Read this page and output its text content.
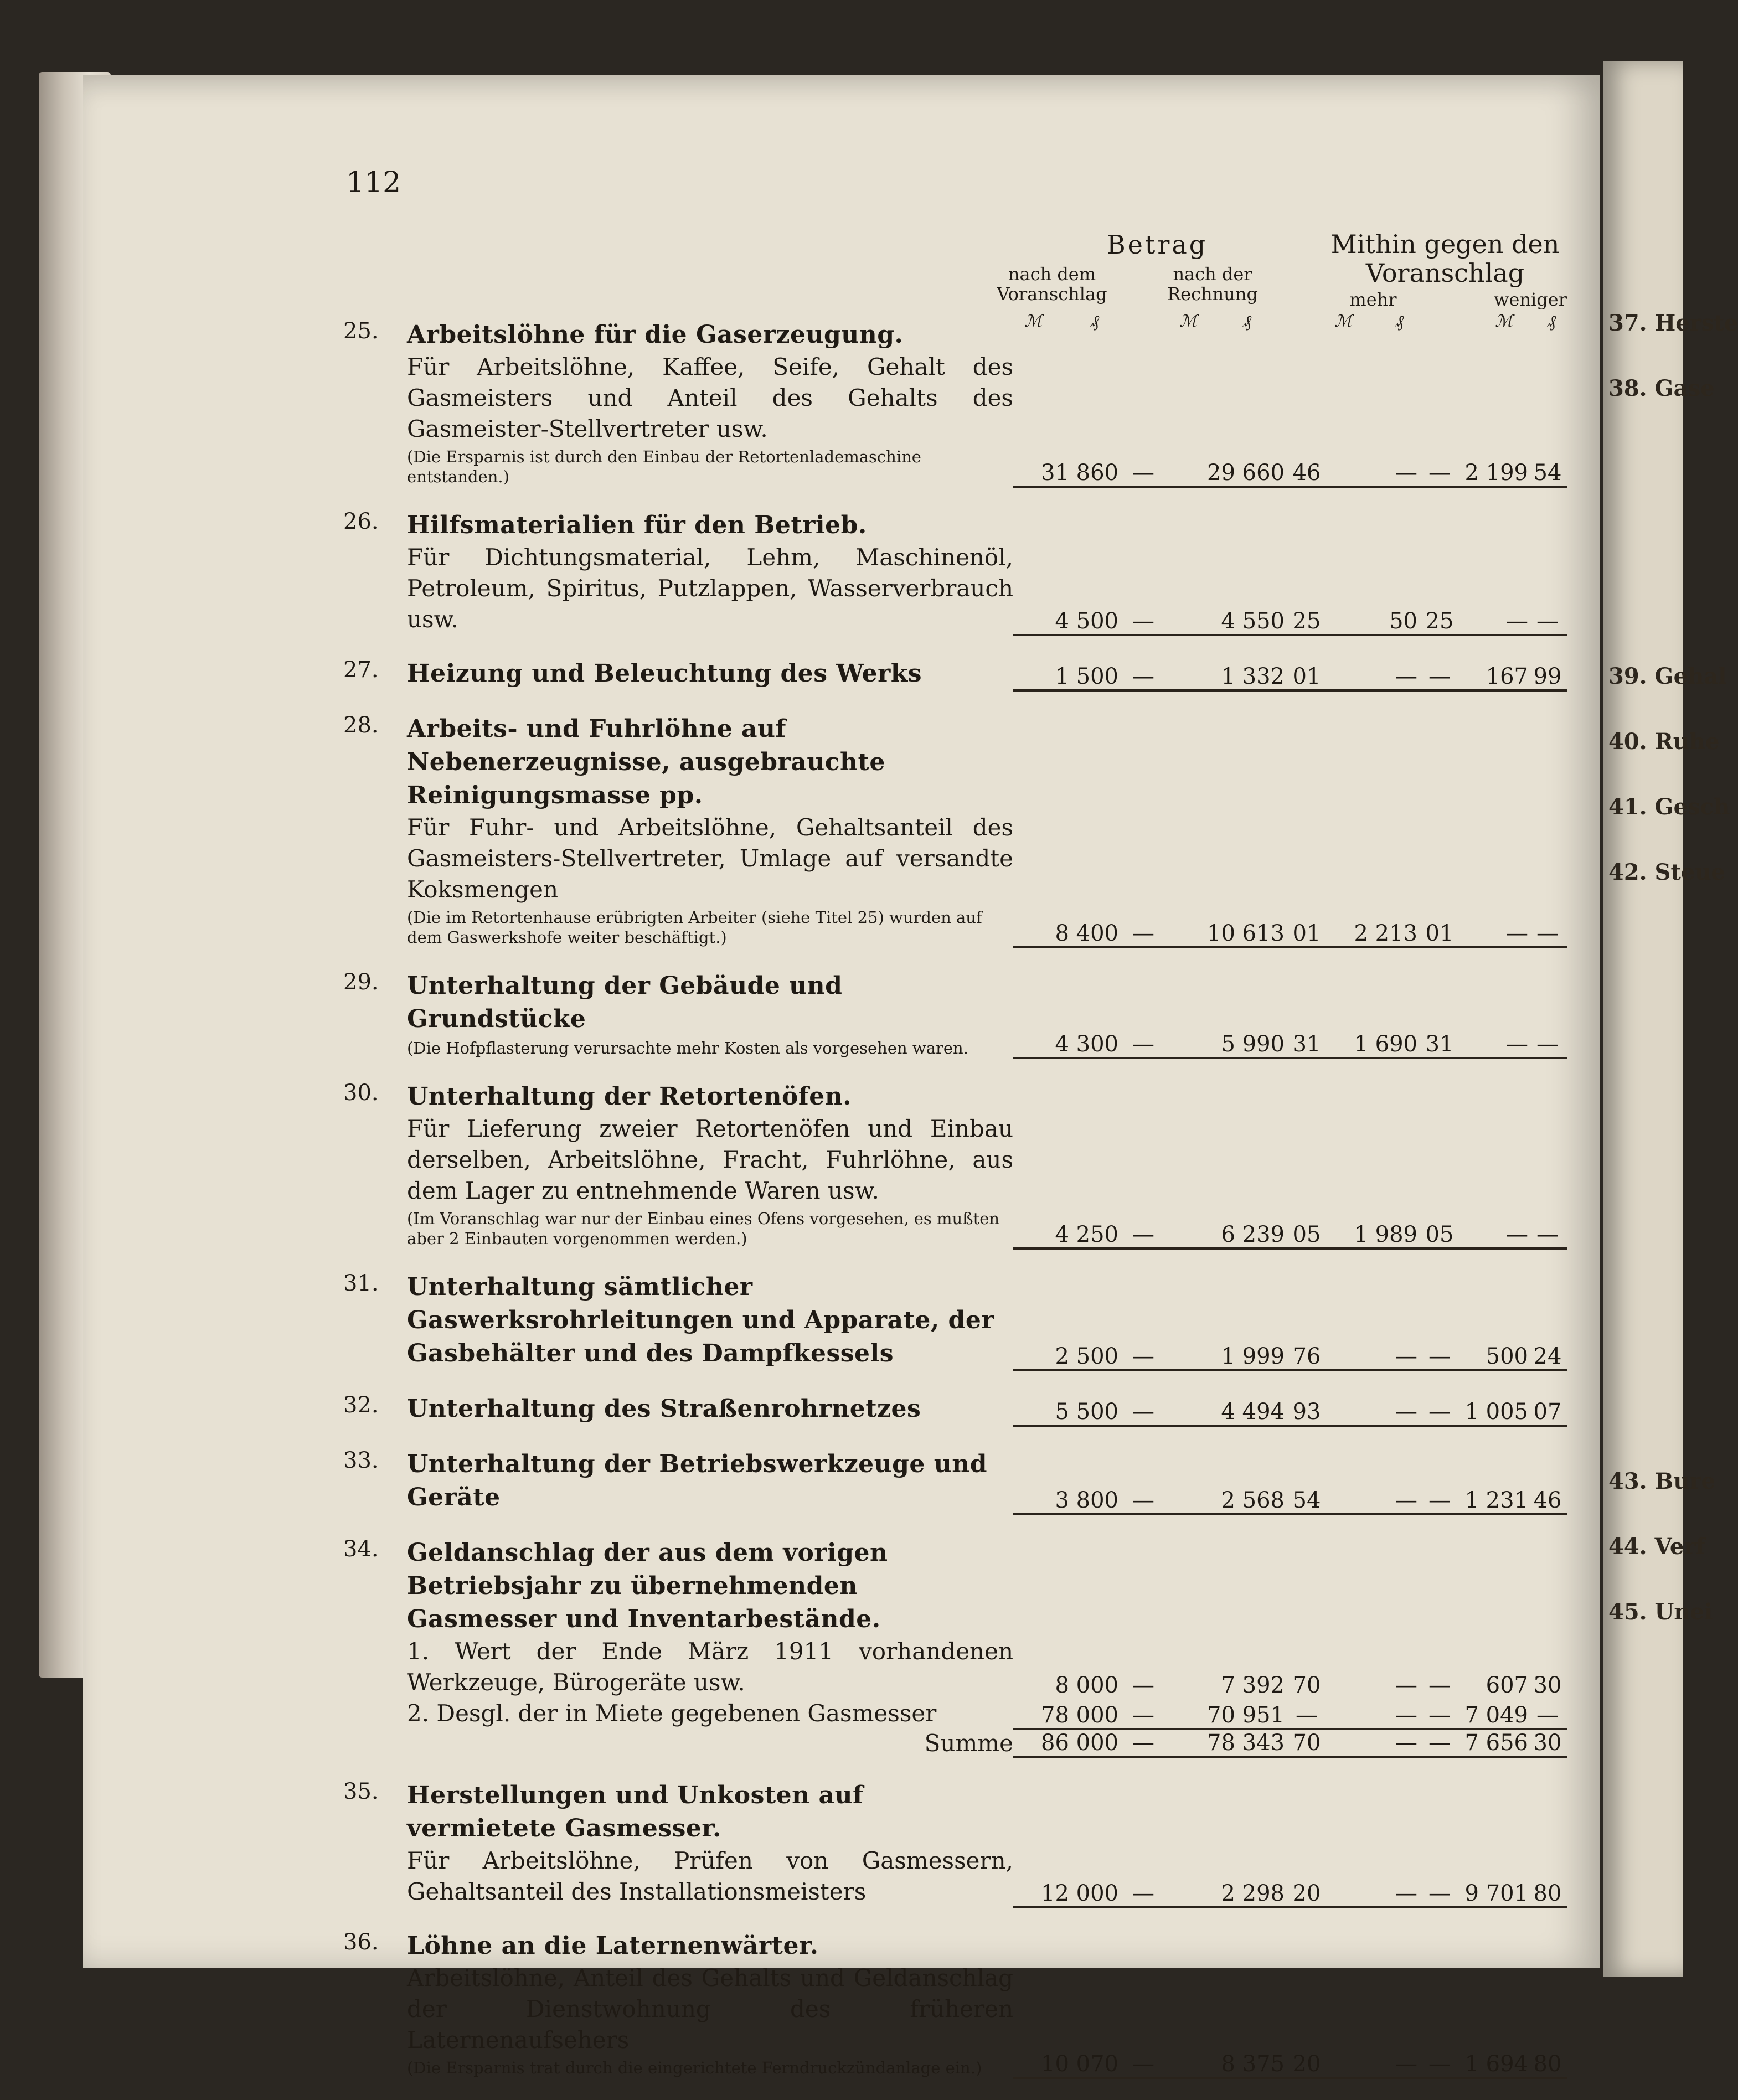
37. Herste
38. Gase
39. Gehal
40. Ruhe
41. Gesch
42. Steue
43. Bure
44. Verf
45. Unei
112
Betrag	Mithin gegen den Voranschlag
nach dem Voranschlag
nach der Rechnung	mehr	weniger
ℳ	₰	ℳ	₰	ℳ	₰	ℳ ₰
25.	Arbeitslöhne für die Gaserzeugung.
Für Arbeitslöhne, Kaffee, Seife, Gehalt des Gasmeisters und Anteil des Gehalts des Gasmeister-Stellvertreter usw.
(Die Ersparnis ist durch den Einbau der Retortenlademaschine entstanden.)	31 860	—	29 660	46	—	—	2 199	54

26.	Hilfsmaterialien für den Betrieb.
Für Dichtungsmaterial, Lehm, Maschinenöl, Petroleum, Spiritus, Putzlappen, Wasserverbrauch usw.	4 500	—	4 550	25	50	25	—	—

27.	Heizung und Beleuchtung des Werks	1 500	—	1 332	01	—	—	167	99

28.	Arbeits- und Fuhrlöhne auf Nebenerzeugnisse, ausgebrauchte Reinigungsmasse pp.
Für Fuhr- und Arbeitslöhne, Gehaltsanteil des Gasmeisters-Stellvertreter, Umlage auf versandte Koksmengen
(Die im Retortenhause erübrigten Arbeiter (siehe Titel 25) wurden auf dem Gaswerkshofe weiter beschäftigt.)	8 400	—	10 613	01	2 213	01	—	—

29.	Unterhaltung der Gebäude und Grundstücke
(Die Hofpflasterung verursachte mehr Kosten als vorgesehen waren.	4 300	—	5 990	31	1 690	31	—	—

30.	Unterhaltung der Retortenöfen.
Für Lieferung zweier Retortenöfen und Einbau derselben, Arbeitslöhne, Fracht, Fuhrlöhne, aus dem Lager zu entnehmende Waren usw.
(Im Voranschlag war nur der Einbau eines Ofens vorgesehen, es mußten aber 2 Einbauten vorgenommen werden.)	4 250	—	6 239	05	1 989	05	—	—

31.	Unterhaltung sämtlicher Gaswerksrohrleitungen und Apparate, der Gasbehälter und des Dampfkessels	2 500	—	1 999	76	—	—	500	24

32.	Unterhaltung des Straßenrohrnetzes	5 500	—	4 494	93	—	—	1 005	07

33.	Unterhaltung der Betriebswerkzeuge und Geräte	3 800	—	2 568	54	—	—	1 231	46

34.	Geldanschlag der aus dem vorigen Betriebsjahr zu übernehmenden Gasmesser und Inventarbestände.
1. Wert der Ende März 1911 vorhandenen Werkzeuge, Bürogeräte usw.	8 000	—	7 392	70	—	—	607	30

	2. Desgl. der in Miete gegebenen Gasmesser	78 000	—	70 951	—	—	—	7 049	—
	Summe	86 000	—	78 343	70	—	—	7 656	30

35.	Herstellungen und Unkosten auf vermietete Gasmesser.
Für Arbeitslöhne, Prüfen von Gasmessern, Gehaltsanteil des Installationsmeisters	12 000	—	2 298	20	—	—	9 701	80

36.	Löhne an die Laternenwärter.
Arbeitslöhne, Anteil des Gehalts und Geldanschlag der Dienstwohnung des früheren Laternenaufsehers
(Die Ersparnis trat durch die eingerichtete Ferndruckzündanlage ein.)	10 070	—	8 375	20	—	—	1 694	80
